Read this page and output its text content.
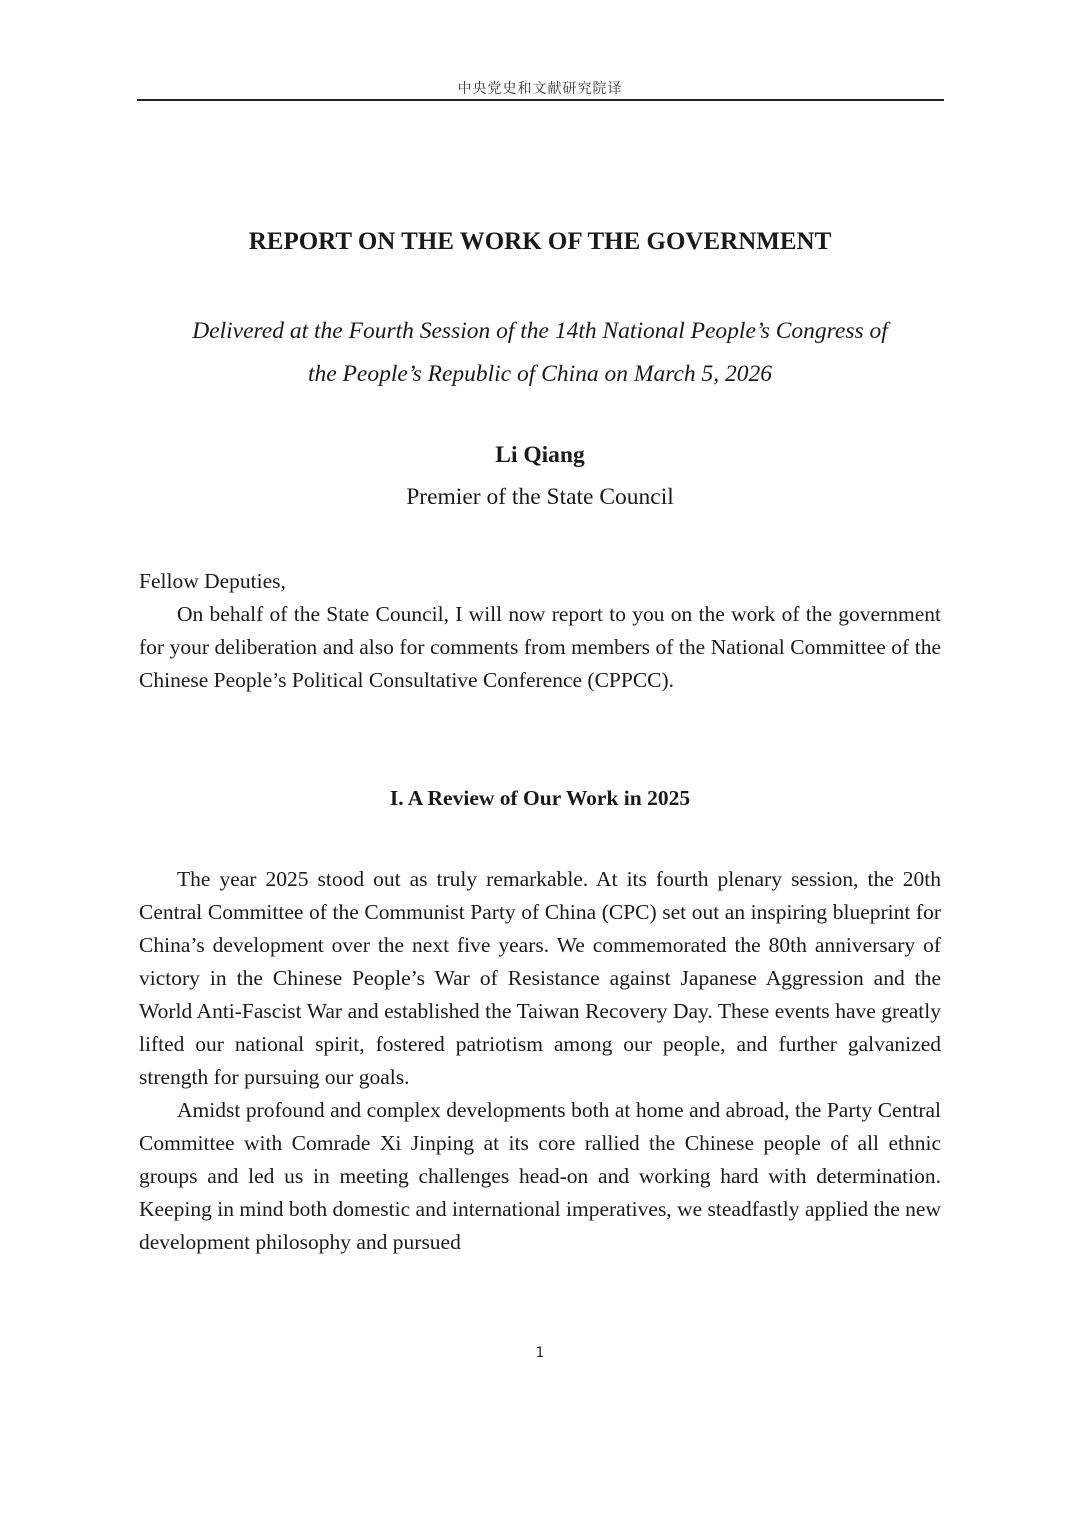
中央党史和文献研究院译
REPORT ON THE WORK OF THE GOVERNMENT
Delivered at the Fourth Session of the 14th National People’s Congress of
the People’s Republic of China on March 5, 2026
Li Qiang
Premier of the State Council

Fellow Deputies,

On behalf of the State Council, I will now report to you on the work of the government for your deliberation and also for comments from members of the National Committee of the Chinese People’s Political Consultative Conference (CPPCC).

I. A Review of Our Work in 2025

The year 2025 stood out as truly remarkable. At its fourth plenary session, the 20th Central Committee of the Communist Party of China (CPC) set out an inspiring blueprint for China’s development over the next five years. We commemorated the 80th anniversary of victory in the Chinese People’s War of Resistance against Japanese Aggression and the World Anti-Fascist War and established the Taiwan Recovery Day. These events have greatly lifted our national spirit, fostered patriotism among our people, and further galvanized strength for pursuing our goals.

Amidst profound and complex developments both at home and abroad, the Party Central Committee with Comrade Xi Jinping at its core rallied the Chinese people of all ethnic groups and led us in meeting challenges head-on and working hard with determination. Keeping in mind both domestic and international imperatives, we steadfastly applied the new development philosophy and pursued

1
